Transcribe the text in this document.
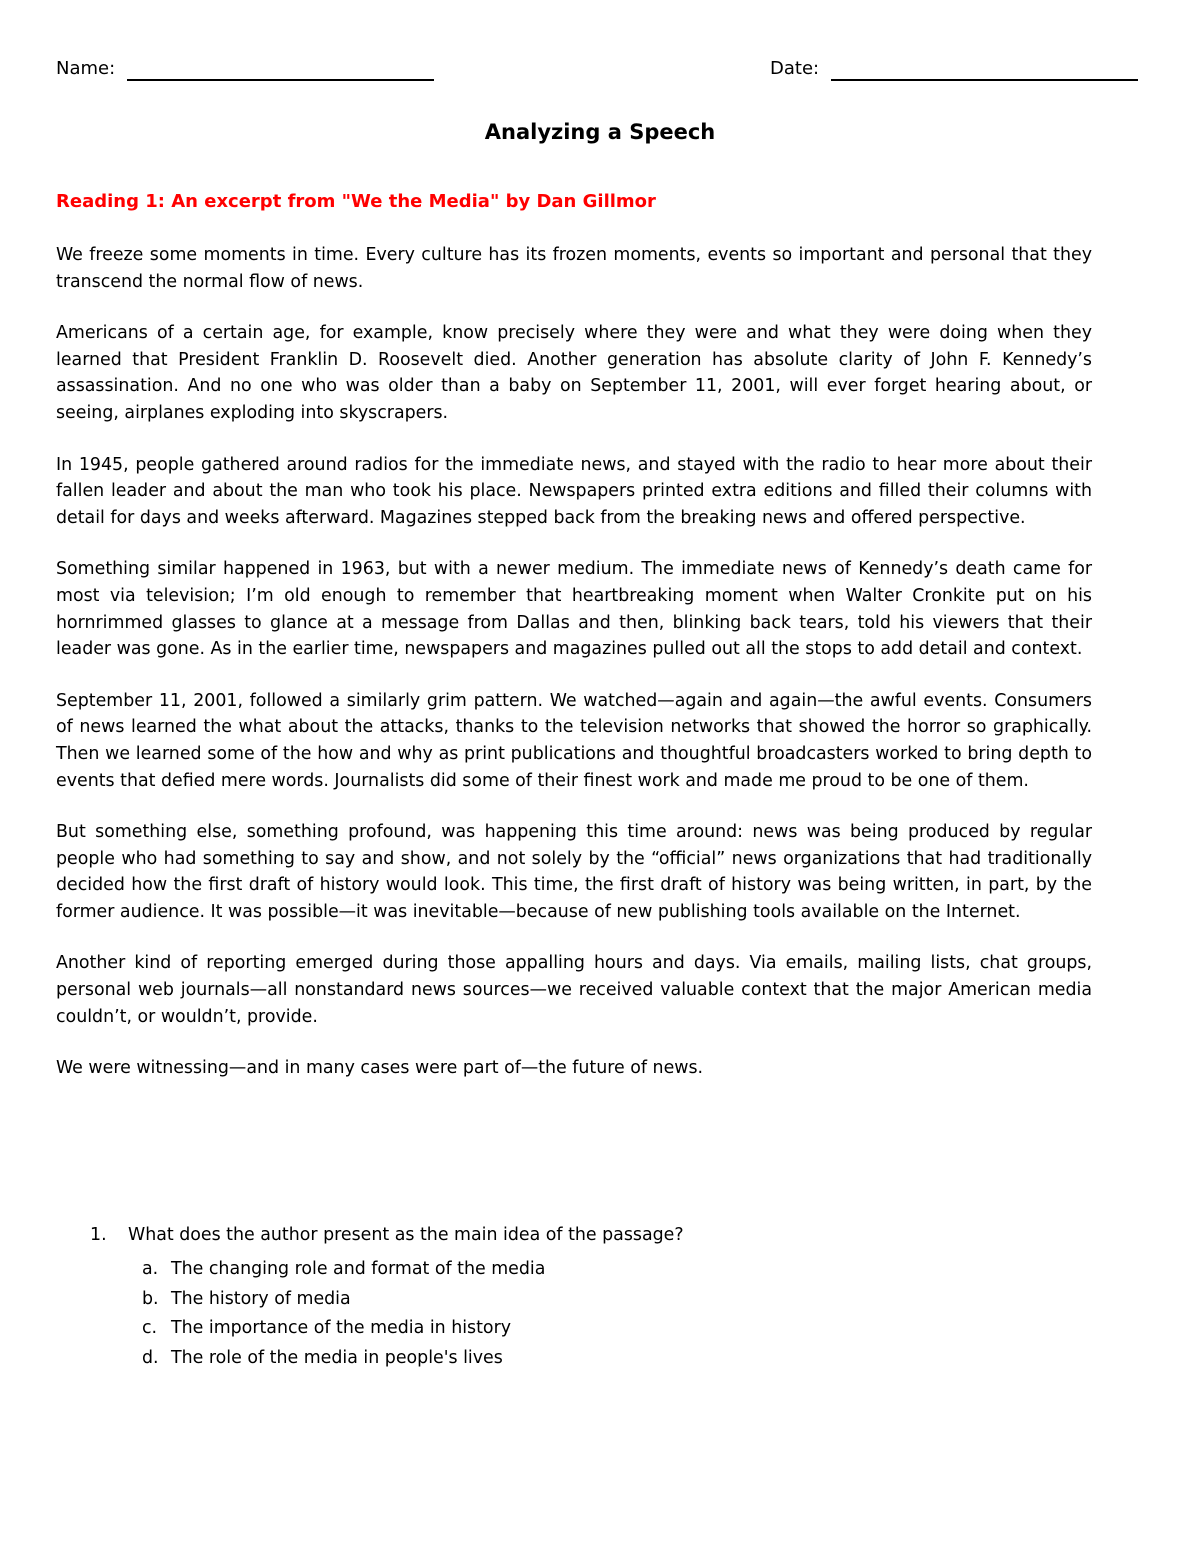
Name:	Date:
Analyzing a Speech
Reading 1: An excerpt from "We the Media" by Dan Gillmor

We freeze some moments in time. Every culture has its frozen moments, events so important and personal that they transcend the normal flow of news.

Americans of a certain age, for example, know precisely where they were and what they were doing when they learned that President Franklin D. Roosevelt died. Another generation has absolute clarity of John F. Kennedy’s assassination. And no one who was older than a baby on September 11, 2001, will ever forget hearing about, or seeing, airplanes exploding into skyscrapers.

In 1945, people gathered around radios for the immediate news, and stayed with the radio to hear more about their fallen leader and about the man who took his place. Newspapers printed extra editions and filled their columns with detail for days and weeks afterward. Magazines stepped back from the breaking news and offered perspective.

Something similar happened in 1963, but with a newer medium. The immediate news of Kennedy’s death came for most via television; I’m old enough to remember that heartbreaking moment when Walter Cronkite put on his hornrimmed glasses to glance at a message from Dallas and then, blinking back tears, told his viewers that their leader was gone. As in the earlier time, newspapers and magazines pulled out all the stops to add detail and context.

September 11, 2001, followed a similarly grim pattern. We watched—again and again—the awful events. Consumers of news learned the what about the attacks, thanks to the television networks that showed the horror so graphically. Then we learned some of the how and why as print publications and thoughtful broadcasters worked to bring depth to events that defied mere words. Journalists did some of their finest work and made me proud to be one of them.

But something else, something profound, was happening this time around: news was being produced by regular people who had something to say and show, and not solely by the “official” news organizations that had traditionally decided how the first draft of history would look. This time, the first draft of history was being written, in part, by the former audience. It was possible—it was inevitable—because of new publishing tools available on the Internet.

Another kind of reporting emerged during those appalling hours and days. Via emails, mailing lists, chat groups, personal web journals—all nonstandard news sources—we received valuable context that the major American media couldn’t, or wouldn’t, provide.

We were witnessing—and in many cases were part of—the future of news.

1. What does the author present as the main idea of the passage?
a. The changing role and format of the media
b. The history of media
c. The importance of the media in history
d. The role of the media in people's lives
